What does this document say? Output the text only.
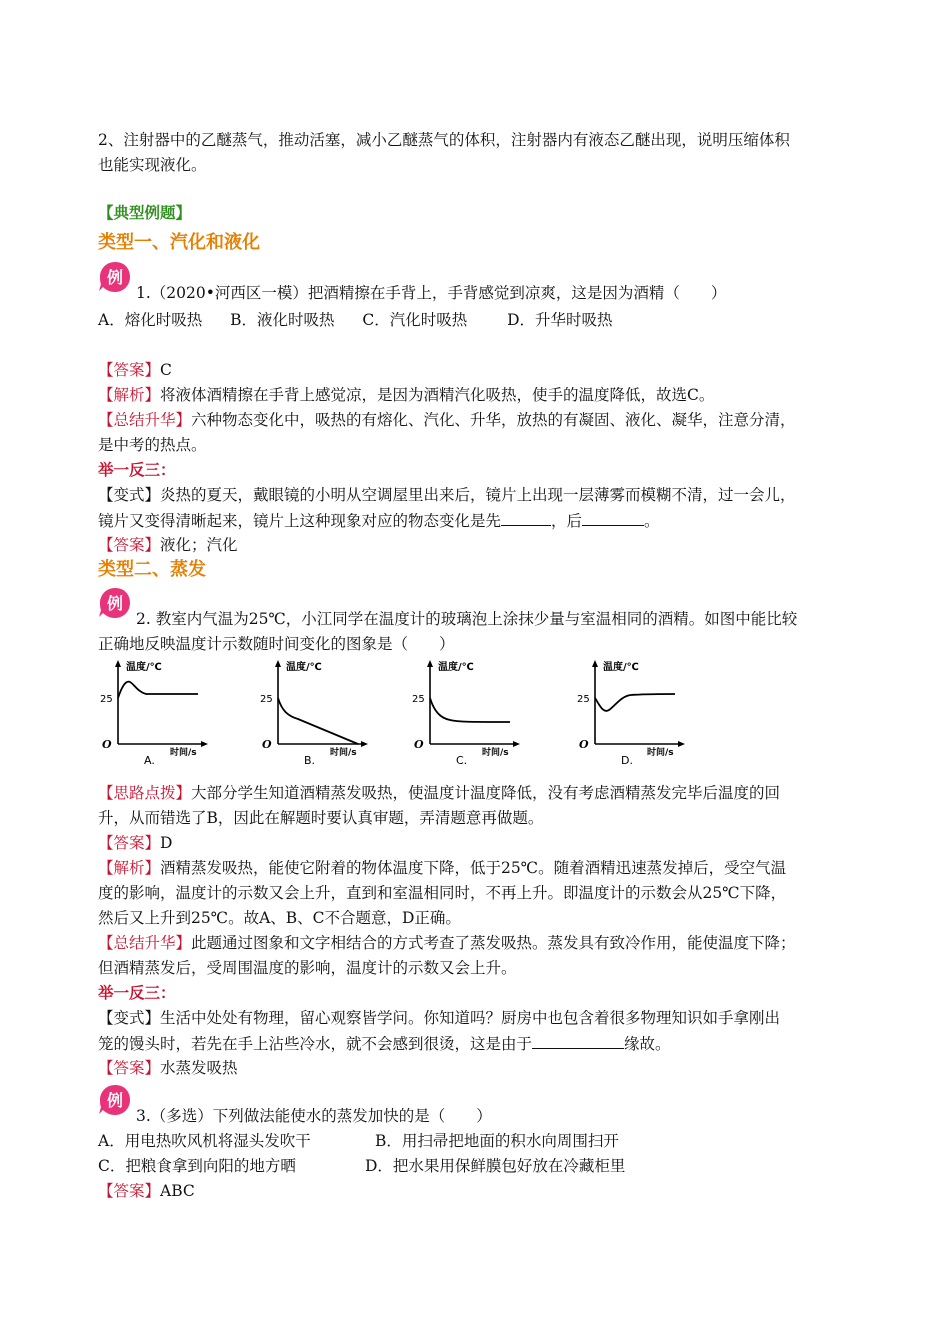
2、注射器中的乙醚蒸气，推动活塞，减小乙醚蒸气的体积，注射器内有液态乙醚出现，说明压缩体积
也能实现液化。
【典型例题】
类型一、汽化和液化
例
1.（2020•河西区一模）把酒精擦在手背上，手背感觉到凉爽，这是因为酒精（　　）
A．熔化时吸热 B．液化时吸热 C．汽化时吸热	D．升华时吸热
【答案】C
【解析】将液体酒精擦在手背上感觉凉，是因为酒精汽化吸热，使手的温度降低，故选C。
【总结升华】六种物态变化中，吸热的有熔化、汽化、升华，放热的有凝固、液化、凝华，注意分清，
是中考的热点。
举一反三：
【变式】炎热的夏天，戴眼镜的小明从空调屋里出来后，镜片上出现一层薄雾而模糊不清，过一会儿，
镜片又变得清晰起来，镜片上这种现象对应的物态变化是先	，后	。
【答案】液化；汽化
类型二、蒸发
例
2. 教室内气温为25℃，小江同学在温度计的玻璃泡上涂抹少量与室温相同的酒精。如图中能比较
正确地反映温度计示数随时间变化的图象是（　　）
温度/℃
25
O
时间/s
A.
温度/℃
25
O
时间/s
B.
温度/℃
25
O
时间/s
C.
温度/℃
25
O
时间/s
D.
【思路点拨】大部分学生知道酒精蒸发吸热，使温度计温度降低，没有考虑酒精蒸发完毕后温度的回
升，从而错选了B，因此在解题时要认真审题，弄清题意再做题。
【答案】D
【解析】酒精蒸发吸热，能使它附着的物体温度下降，低于25℃。随着酒精迅速蒸发掉后，受空气温
度的影响，温度计的示数又会上升，直到和室温相同时，不再上升。即温度计的示数会从25℃下降，
然后又上升到25℃。故A、B、C不合题意，D正确。
【总结升华】此题通过图象和文字相结合的方式考查了蒸发吸热。蒸发具有致冷作用，能使温度下降；
但酒精蒸发后，受周围温度的影响，温度计的示数又会上升。
举一反三：
【变式】生活中处处有物理，留心观察皆学问。你知道吗？厨房中也包含着很多物理知识如手拿刚出
笼的馒头时，若先在手上沾些冷水，就不会感到很烫，这是由于	缘故。
【答案】水蒸发吸热
例
3.（多选）下列做法能使水的蒸发加快的是（　　）
A．用电热吹风机将湿头发吹干	B．用扫帚把地面的积水向周围扫开
C．把粮食拿到向阳的地方晒	D．把水果用保鲜膜包好放在冷藏柜里
【答案】ABC
